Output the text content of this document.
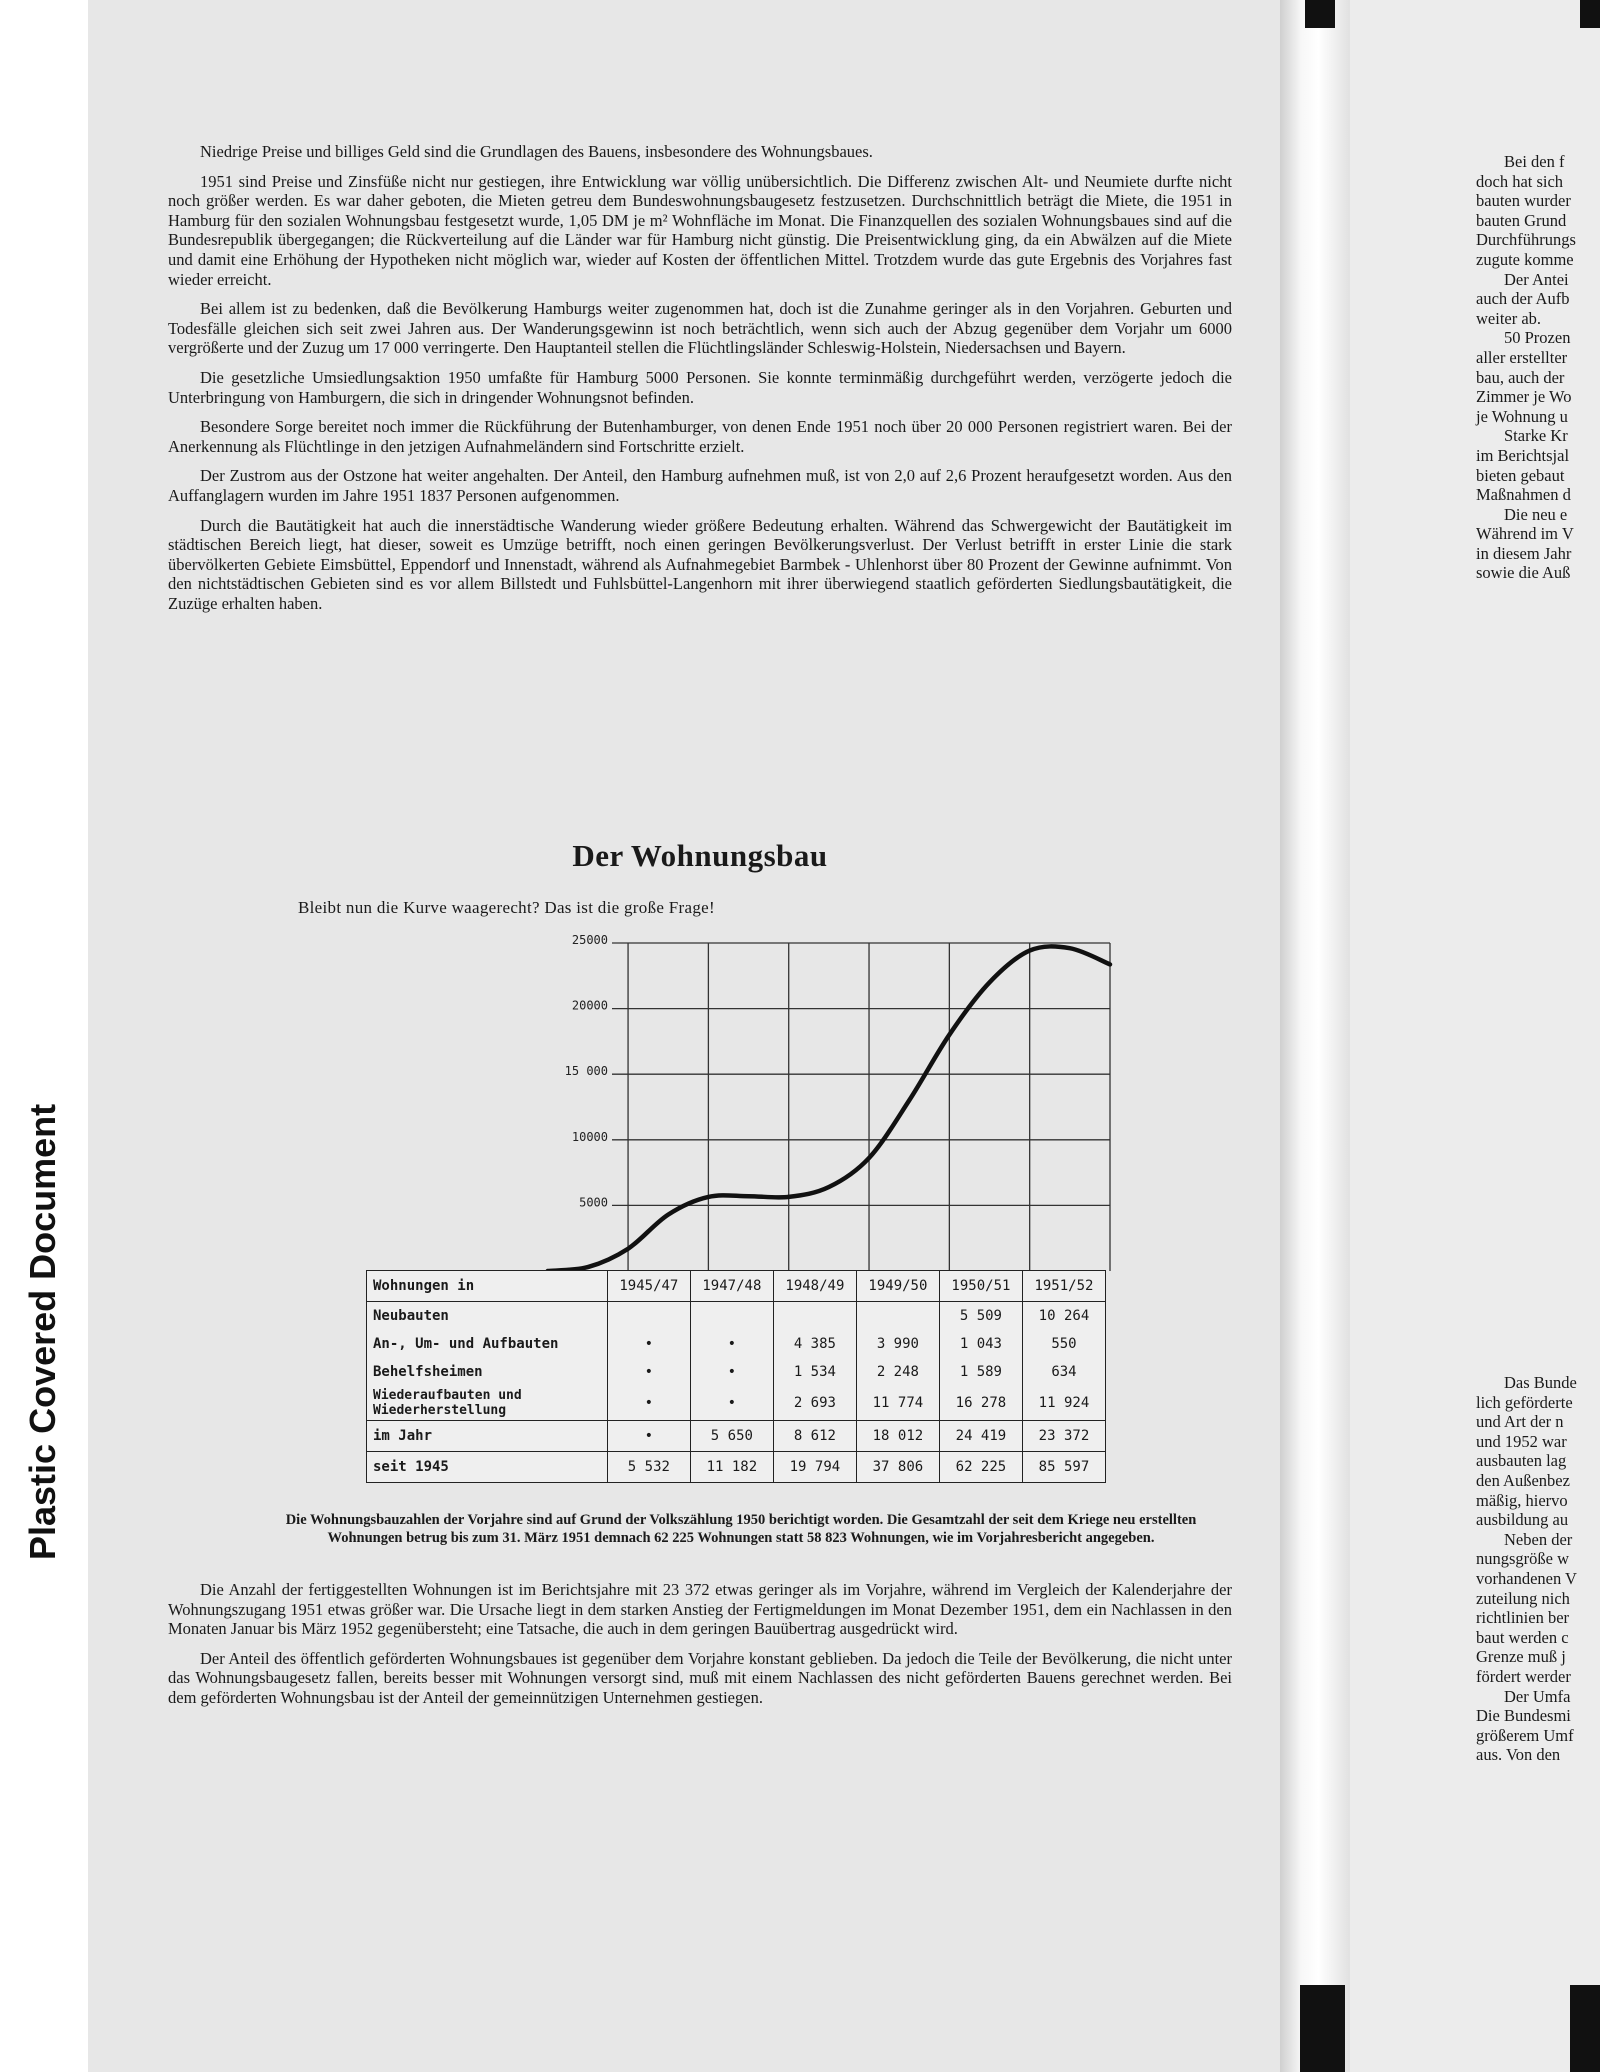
Plastic Covered Document

Niedrige Preise und billiges Geld sind die Grundlagen des Bauens, insbesondere des Wohnungsbaues.

1951 sind Preise und Zinsfüße nicht nur gestiegen, ihre Entwicklung war völlig unübersichtlich. Die Differenz zwischen Alt- und Neumiete durfte nicht noch größer werden. Es war daher geboten, die Mieten getreu dem Bundeswohnungsbaugesetz festzusetzen. Durchschnittlich beträgt die Miete, die 1951 in Hamburg für den sozialen Wohnungsbau festgesetzt wurde, 1,05 DM je m² Wohnfläche im Monat. Die Finanzquellen des sozialen Wohnungsbaues sind auf die Bundesrepublik übergegangen; die Rückverteilung auf die Länder war für Hamburg nicht günstig. Die Preisentwicklung ging, da ein Abwälzen auf die Miete und damit eine Erhöhung der Hypotheken nicht möglich war, wieder auf Kosten der öffentlichen Mittel. Trotzdem wurde das gute Ergebnis des Vorjahres fast wieder erreicht.

Bei allem ist zu bedenken, daß die Bevölkerung Hamburgs weiter zugenommen hat, doch ist die Zunahme geringer als in den Vorjahren. Geburten und Todesfälle gleichen sich seit zwei Jahren aus. Der Wanderungsgewinn ist noch beträchtlich, wenn sich auch der Abzug gegenüber dem Vorjahr um 6000 vergrößerte und der Zuzug um 17 000 verringerte. Den Hauptanteil stellen die Flüchtlingsländer Schleswig-Holstein, Niedersachsen und Bayern.

Die gesetzliche Umsiedlungsaktion 1950 umfaßte für Hamburg 5000 Personen. Sie konnte terminmäßig durchgeführt werden, verzögerte jedoch die Unterbringung von Hamburgern, die sich in dringender Wohnungsnot befinden.

Besondere Sorge bereitet noch immer die Rückführung der Butenhamburger, von denen Ende 1951 noch über 20 000 Personen registriert waren. Bei der Anerkennung als Flüchtlinge in den jetzigen Aufnahmeländern sind Fortschritte erzielt.

Der Zustrom aus der Ostzone hat weiter angehalten. Der Anteil, den Hamburg aufnehmen muß, ist von 2,0 auf 2,6 Prozent heraufgesetzt worden. Aus den Auffanglagern wurden im Jahre 1951 1837 Personen aufgenommen.

Durch die Bautätigkeit hat auch die innerstädtische Wanderung wieder größere Bedeutung erhalten. Während das Schwergewicht der Bautätigkeit im städtischen Bereich liegt, hat dieser, soweit es Umzüge betrifft, noch einen geringen Bevölkerungsverlust. Der Verlust betrifft in erster Linie die stark übervölkerten Gebiete Eimsbüttel, Eppendorf und Innenstadt, während als Aufnahmegebiet Barmbek - Uhlenhorst über 80 Prozent der Gewinne aufnimmt. Von den nichtstädtischen Gebieten sind es vor allem Billstedt und Fuhlsbüttel-Langenhorn mit ihrer überwiegend staatlich geförderten Siedlungsbautätigkeit, die Zuzüge erhalten haben.

Der Wohnungsbau
Bleibt nun die Kurve waagerecht? Das ist die große Frage!
25000
20000
15 000
10000
5000
Wohnungen in	1945/47	1947/48	1948/49	1949/50	1950/51	1951/52
Neubauten					5 509	10 264
An-, Um- und Aufbauten	•	•	4 385	3 990	1 043	550
Behelfsheimen	•	•	1 534	2 248	1 589	634
Wiederaufbauten und Wiederherstellung	•	•	2 693	11 774	16 278	11 924
im Jahr	•	5 650	8 612	18 012	24 419	23 372
seit 1945	5 532	11 182	19 794	37 806	62 225	85 597
Die Wohnungsbauzahlen der Vorjahre sind auf Grund der Volkszählung 1950 berichtigt worden. Die Gesamtzahl der seit dem Kriege neu erstellten Wohnungen betrug bis zum 31. März 1951 demnach 62 225 Wohnungen statt 58 823 Wohnungen, wie im Vorjahresbericht angegeben.

Die Anzahl der fertiggestellten Wohnungen ist im Berichtsjahre mit 23 372 etwas geringer als im Vorjahre, während im Vergleich der Kalenderjahre der Wohnungszugang 1951 etwas größer war. Die Ursache liegt in dem starken Anstieg der Fertigmeldungen im Monat Dezember 1951, dem ein Nachlassen in den Monaten Januar bis März 1952 gegenübersteht; eine Tatsache, die auch in dem geringen Bauübertrag ausgedrückt wird.

Der Anteil des öffentlich geförderten Wohnungsbaues ist gegenüber dem Vorjahre konstant geblieben. Da jedoch die Teile der Bevölkerung, die nicht unter das Wohnungsbaugesetz fallen, bereits besser mit Wohnungen versorgt sind, muß mit einem Nachlassen des nicht geförderten Bauens gerechnet werden. Bei dem geförderten Wohnungsbau ist der Anteil der gemeinnützigen Unternehmen gestiegen.

Bei den f
doch hat sich
bauten wurder
bauten Grund
Durchführungs
zugute komme
Der Antei
auch der Aufb
weiter ab.
50 Prozen
aller erstellter
bau, auch der
Zimmer je Wo
je Wohnung u
Starke Kr
im Berichtsjal
bieten gebaut
Maßnahmen d
Die neu e
Während im V
in diesem Jahr
sowie die Auß
Das Bunde
lich geförderte
und Art der n
und 1952 war
ausbauten lag
den Außenbez
mäßig, hiervo
ausbildung au
Neben der
nungsgröße w
vorhandenen V
zuteilung nich
richtlinien ber
baut werden c
Grenze muß j
fördert werder
Der Umfa
Die Bundesmi
größerem Umf
aus. Von den
